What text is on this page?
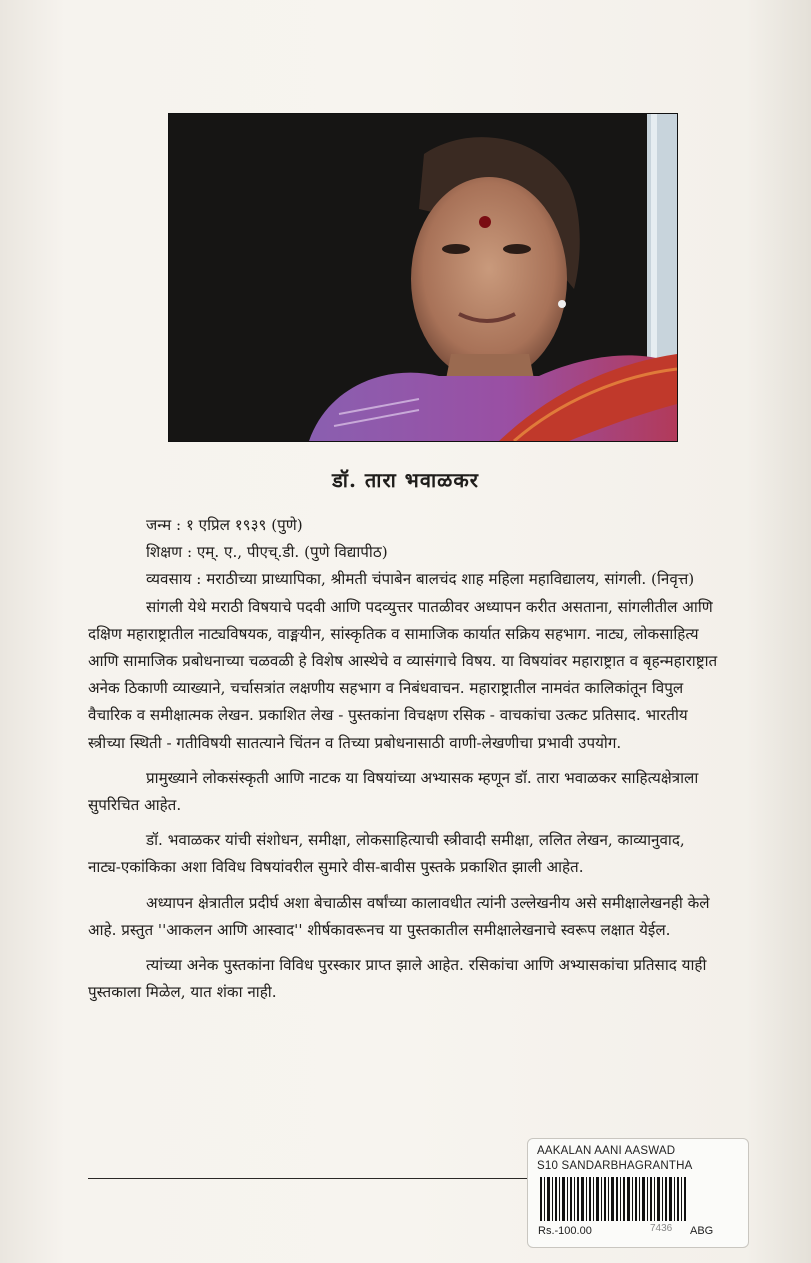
डॉ. तारा भवाळकर

जन्म : १ एप्रिल १९३९ (पुणे)

शिक्षण : एम्. ए., पीएच्.डी. (पुणे विद्यापीठ)

व्यवसाय : मराठीच्या प्राध्यापिका, श्रीमती चंपाबेन बालचंद शाह महिला महाविद्यालय, सांगली. (निवृत्त)

सांगली येथे मराठी विषयाचे पदवी आणि पदव्युत्तर पातळीवर अध्यापन करीत असताना, सांगलीतील आणि दक्षिण महाराष्ट्रातील नाट्यविषयक, वाङ्मयीन, सांस्कृतिक व सामाजिक कार्यात सक्रिय सहभाग. नाट्य, लोकसाहित्य आणि सामाजिक प्रबोधनाच्या चळवळी हे विशेष आस्थेचे व व्यासंगाचे विषय. या विषयांवर महाराष्ट्रात व बृहन्महाराष्ट्रात अनेक ठिकाणी व्याख्याने, चर्चासत्रांत लक्षणीय सहभाग व निबंधवाचन. महाराष्ट्रातील नामवंत कालिकांतून विपुल वैचारिक व समीक्षात्मक लेखन. प्रकाशित लेख - पुस्तकांना विचक्षण रसिक - वाचकांचा उत्कट प्रतिसाद. भारतीय स्त्रीच्या स्थिती - गतीविषयी सातत्याने चिंतन व तिच्या प्रबोधनासाठी वाणी-लेखणीचा प्रभावी उपयोग.

प्रामुख्याने लोकसंस्कृती आणि नाटक या विषयांच्या अभ्यासक म्हणून डॉ. तारा भवाळकर साहित्यक्षेत्राला सुपरिचित आहेत.

डॉ. भवाळकर यांची संशोधन, समीक्षा, लोकसाहित्याची स्त्रीवादी समीक्षा, ललित लेखन, काव्यानुवाद, नाट्य-एकांकिका अशा विविध विषयांवरील सुमारे वीस-बावीस पुस्तके प्रकाशित झाली आहेत.

अध्यापन क्षेत्रातील प्रदीर्घ अशा बेचाळीस वर्षांच्या कालावधीत त्यांनी उल्लेखनीय असे समीक्षालेखनही केले आहे. प्रस्तुत ''आकलन आणि आस्वाद'' शीर्षकावरूनच या पुस्तकातील समीक्षालेखनाचे स्वरूप लक्षात येईल.

त्यांच्या अनेक पुस्तकांना विविध पुरस्कार प्राप्त झाले आहेत. रसिकांचा आणि अभ्यासकांचा प्रतिसाद याही पुस्तकाला मिळेल, यात शंका नाही.

AAKALAN AANI AASWAD
S10 SANDARBHAGRANTHA
Rs.-100.00	7436 ABG
